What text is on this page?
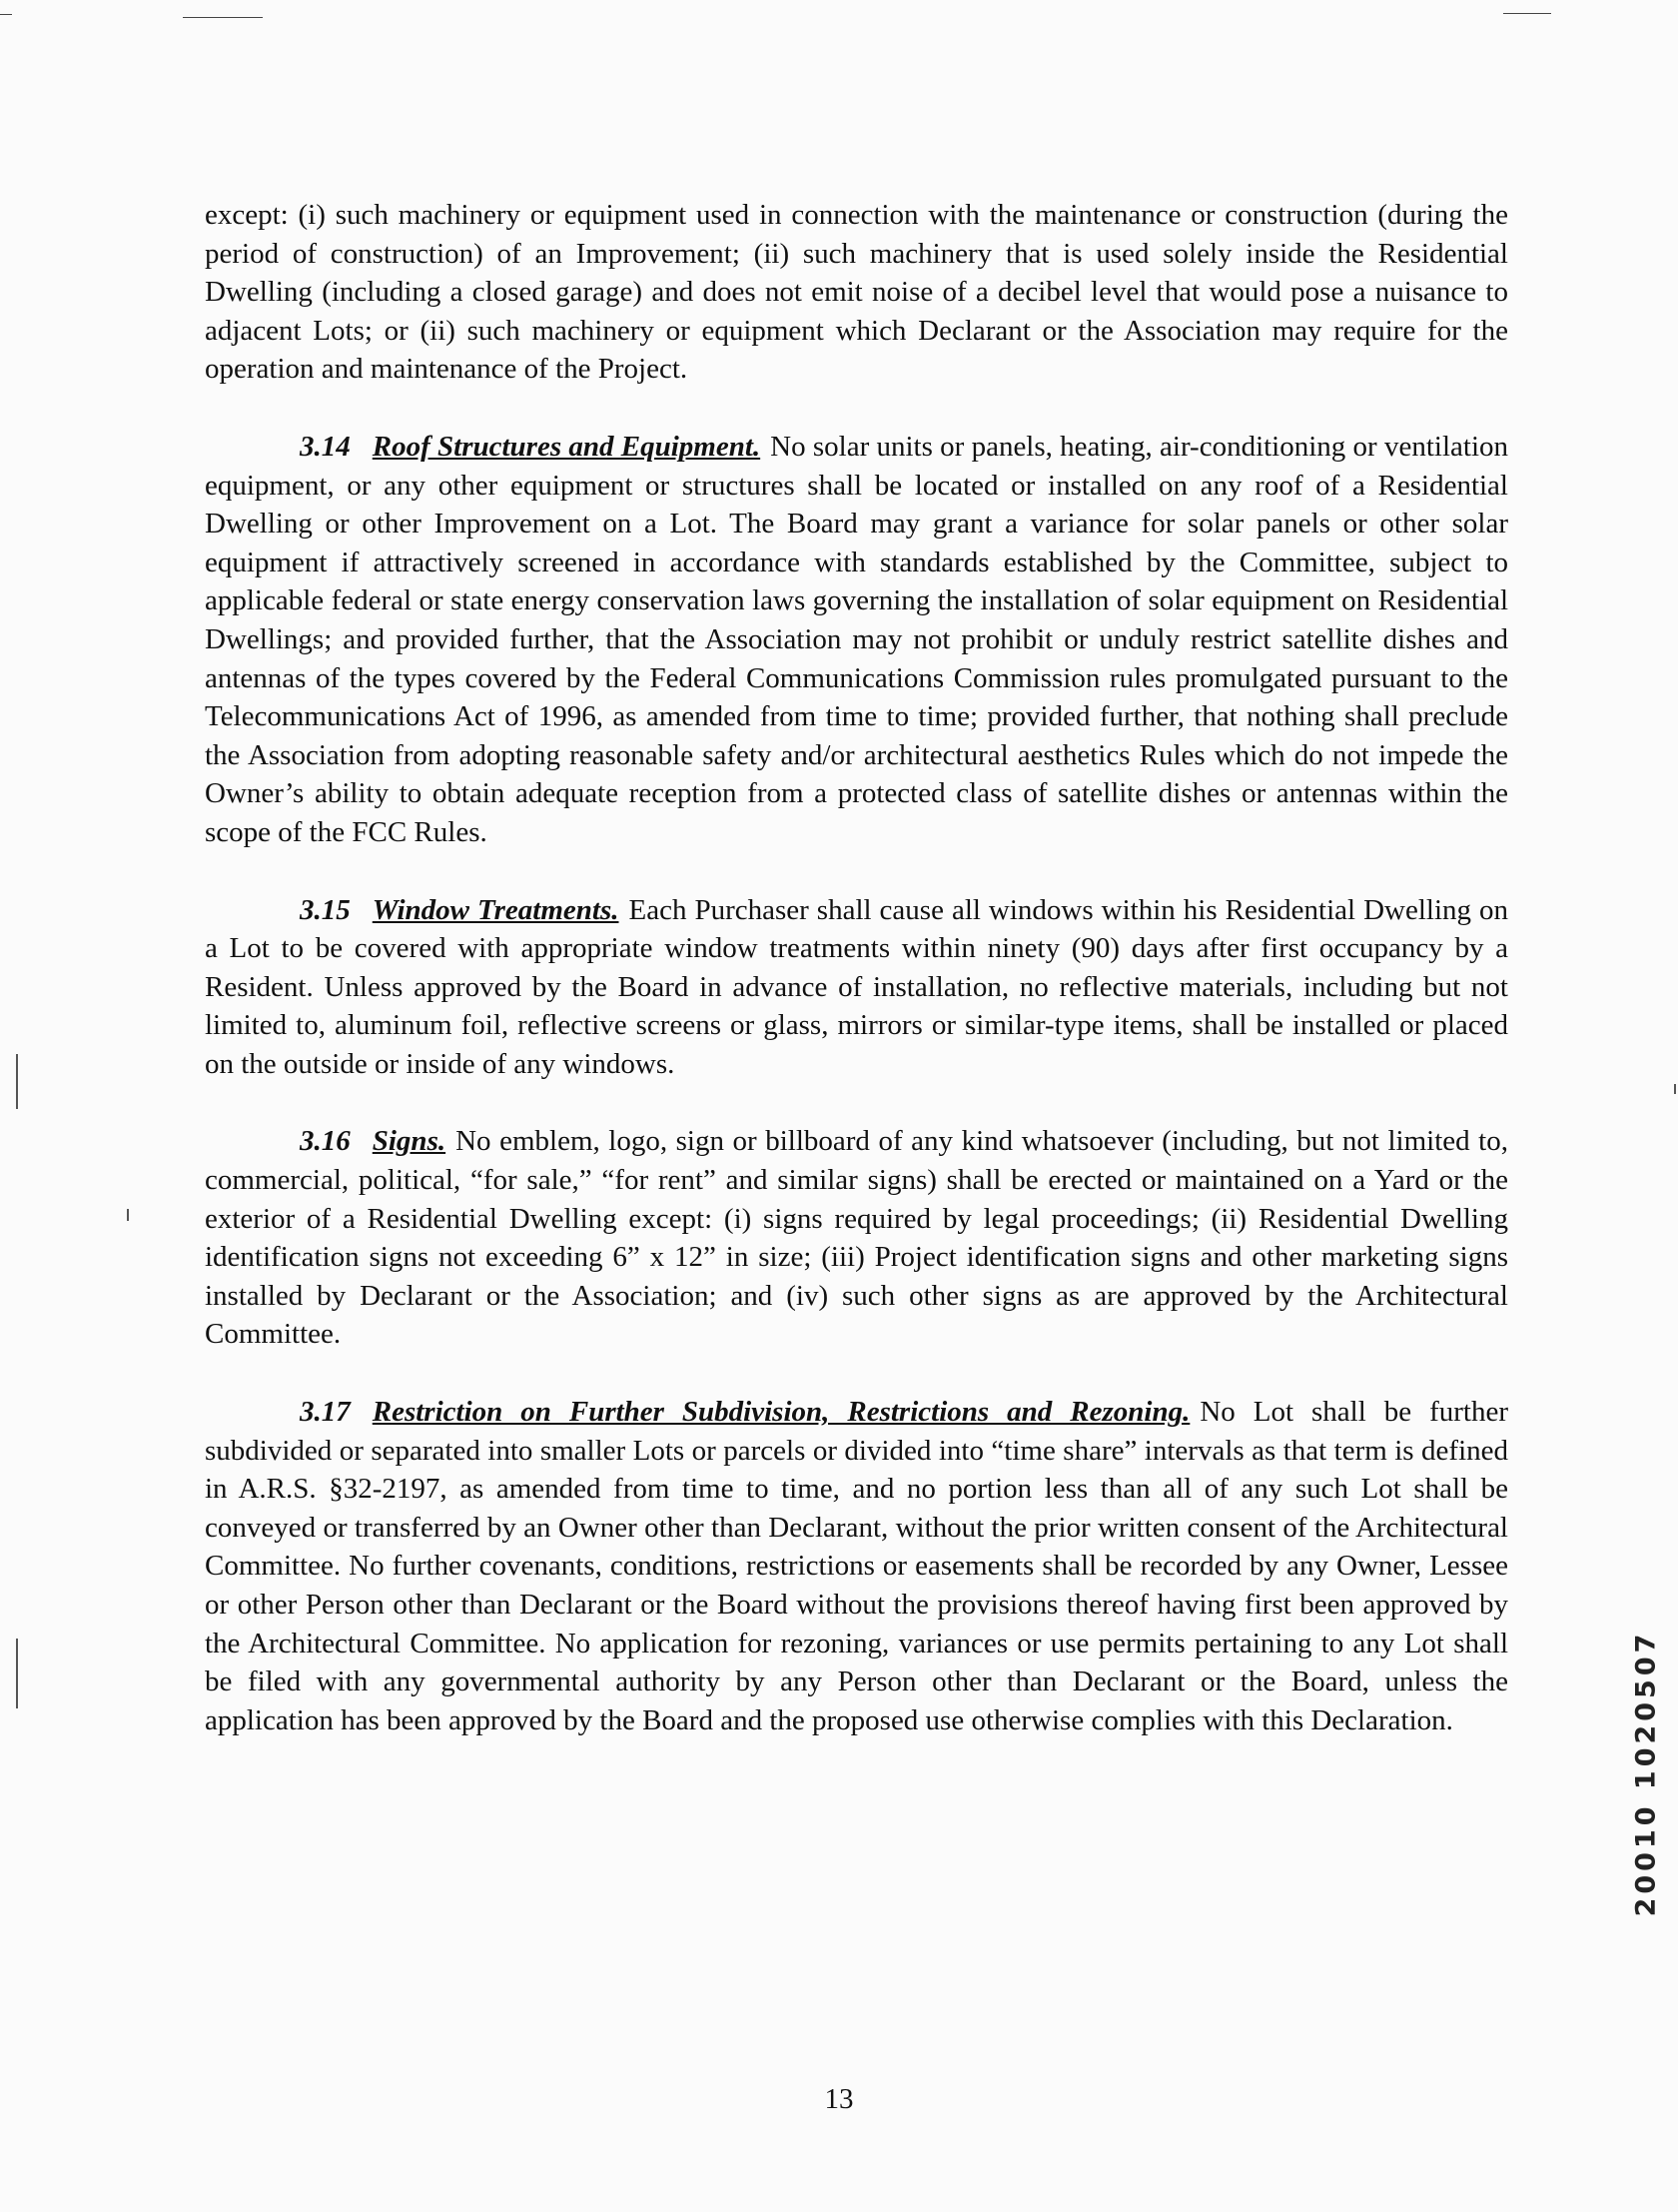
except: (i) such machinery or equipment used in connection with the maintenance or construction (during the period of construction) of an Improvement; (ii) such machinery that is used solely inside the Residential Dwelling (including a closed garage) and does not emit noise of a decibel level that would pose a nuisance to adjacent Lots; or (ii) such machinery or equipment which Declarant or the Association may require for the operation and maintenance of the Project.

3.14 Roof Structures and Equipment. No solar units or panels, heating, air-conditioning or ventilation equipment, or any other equipment or structures shall be located or installed on any roof of a Residential Dwelling or other Improvement on a Lot. The Board may grant a variance for solar panels or other solar equipment if attractively screened in accordance with standards established by the Committee, subject to applicable federal or state energy conservation laws governing the installation of solar equipment on Residential Dwellings; and provided further, that the Association may not prohibit or unduly restrict satellite dishes and antennas of the types covered by the Federal Communications Commission rules promulgated pursuant to the Telecommunications Act of 1996, as amended from time to time; provided further, that nothing shall preclude the Association from adopting reasonable safety and/or architectural aesthetics Rules which do not impede the Owner’s ability to obtain adequate reception from a protected class of satellite dishes or antennas within the scope of the FCC Rules.

3.15 Window Treatments. Each Purchaser shall cause all windows within his Residential Dwelling on a Lot to be covered with appropriate window treatments within ninety (90) days after first occupancy by a Resident. Unless approved by the Board in advance of installation, no reflective materials, including but not limited to, aluminum foil, reflective screens or glass, mirrors or similar-type items, shall be installed or placed on the outside or inside of any windows.

3.16 Signs. No emblem, logo, sign or billboard of any kind whatsoever (including, but not limited to, commercial, political, “for sale,” “for rent” and similar signs) shall be erected or maintained on a Yard or the exterior of a Residential Dwelling except: (i) signs required by legal proceedings; (ii) Residential Dwelling identification signs not exceeding 6” x 12” in size; (iii) Project identification signs and other marketing signs installed by Declarant or the Association; and (iv) such other signs as are approved by the Architectural Committee.

3.17 Restriction on Further Subdivision, Restrictions and Rezoning. No Lot shall be further subdivided or separated into smaller Lots or parcels or divided into “time share” intervals as that term is defined in A.R.S. §32-2197, as amended from time to time, and no portion less than all of any such Lot shall be conveyed or transferred by an Owner other than Declarant, without the prior written consent of the Architectural Committee. No further covenants, conditions, restrictions or easements shall be recorded by any Owner, Lessee or other Person other than Declarant or the Board without the provisions thereof having first been approved by the Architectural Committee. No application for rezoning, variances or use permits pertaining to any Lot shall be filed with any governmental authority by any Person other than Declarant or the Board, unless the application has been approved by the Board and the proposed use otherwise complies with this Declaration.	20010 1020507
13
